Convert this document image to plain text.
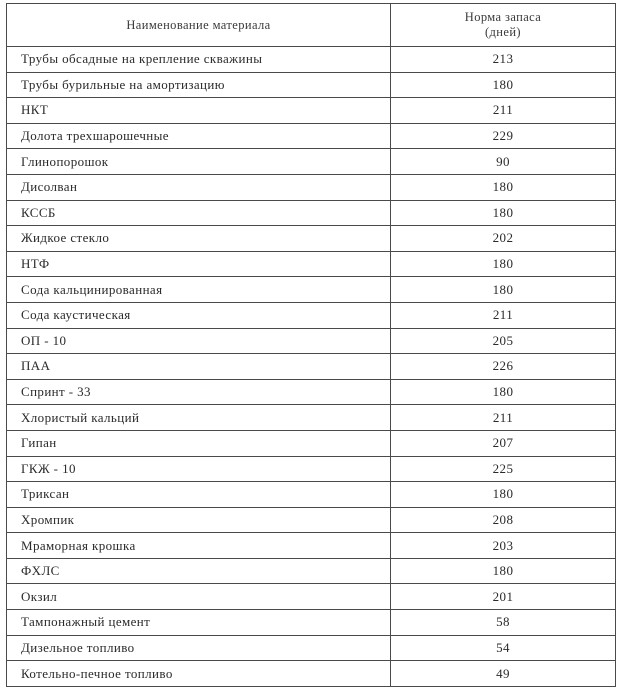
Наименование материала	Норма запаса
(дней)

Трубы обсадные на крепление скважины	213
Трубы бурильные на амортизацию	180
НКТ	211
Долота трехшарошечные	229
Глинопорошок	90
Дисолван	180
КССБ	180
Жидкое стекло	202
НТФ	180
Сода кальцинированная	180
Сода каустическая	211
ОП - 10	205
ПАА	226
Спринт - 33	180
Хлористый кальций	211
Гипан	207
ГКЖ - 10	225
Триксан	180
Хромпик	208
Мраморная крошка	203
ФХЛС	180
Окзил	201
Тампонажный цемент	58
Дизельное топливо	54
Котельно-печное топливо	49
